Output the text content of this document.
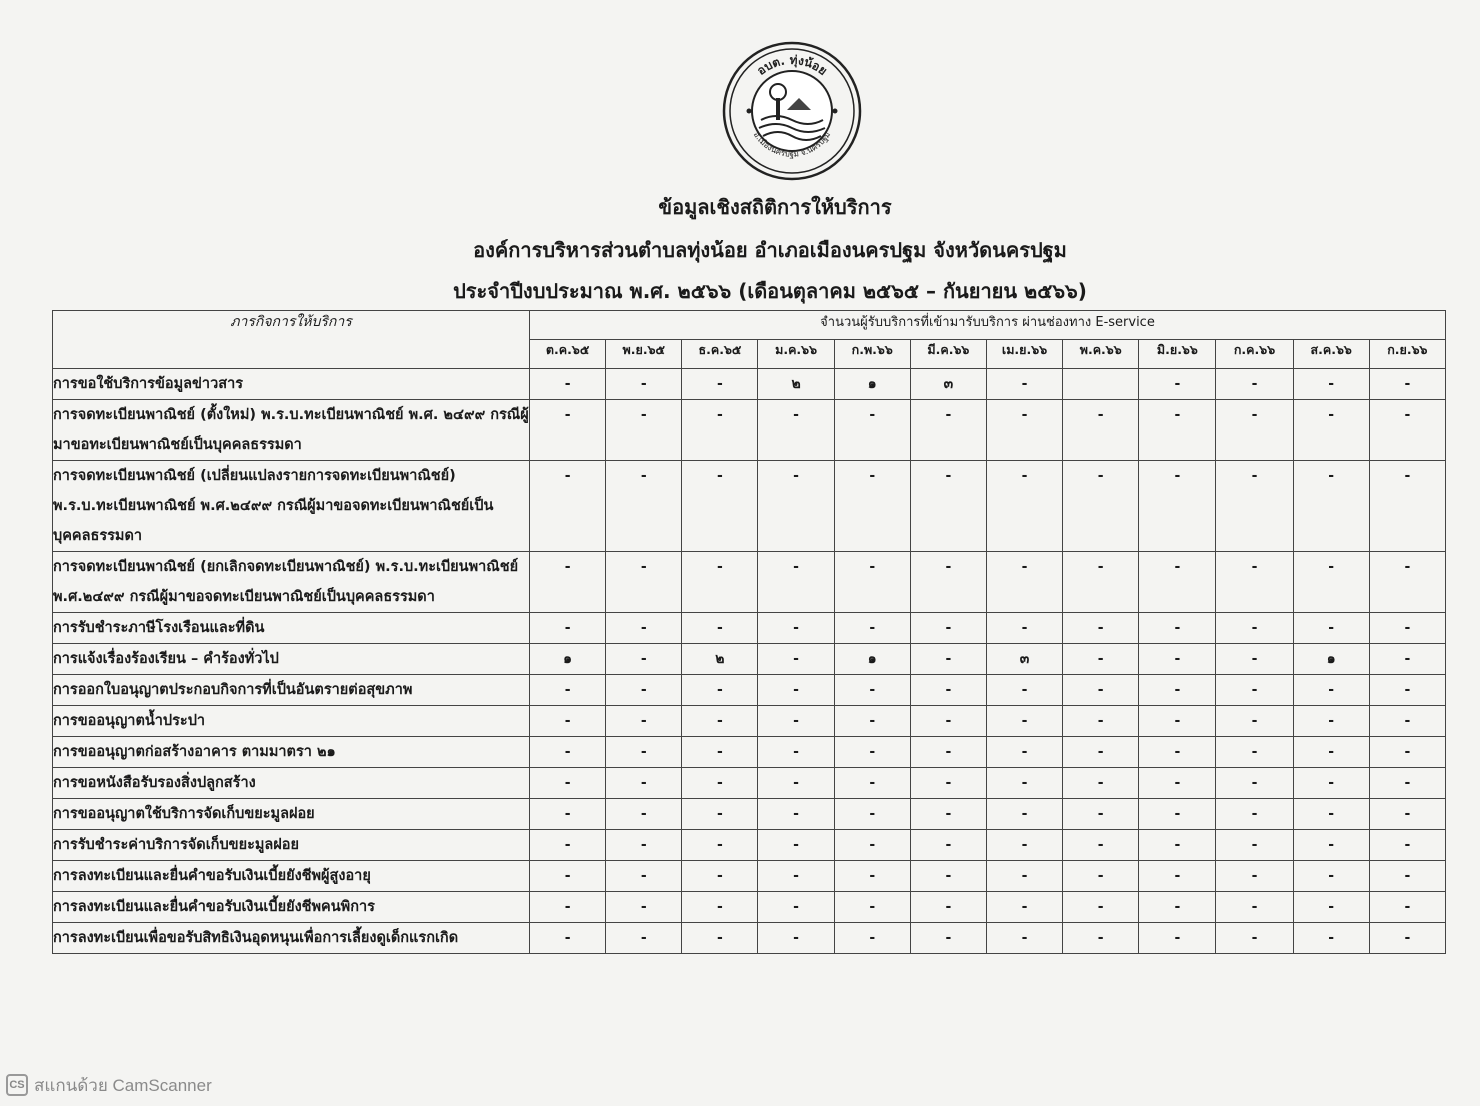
อบต. ทุ่งน้อย
อ.เมืองนครปฐม จ.นครปฐม
ข้อมูลเชิงสถิติการให้บริการ
องค์การบริหารส่วนตำบลทุ่งน้อย อำเภอเมืองนครปฐม จังหวัดนครปฐม
ประจำปีงบประมาณ พ.ศ. ๒๕๖๖ (เดือนตุลาคม ๒๕๖๕ – กันยายน ๒๕๖๖)
ภารกิจการให้บริการ	จำนวนผู้รับบริการที่เข้ามารับบริการ ผ่านช่องทาง E-service											
	ต.ค.๖๕	พ.ย.๖๕	ธ.ค.๖๕	ม.ค.๖๖	ก.พ.๖๖	มี.ค.๖๖	เม.ย.๖๖	พ.ค.๖๖	มิ.ย.๖๖	ก.ค.๖๖	ส.ค.๖๖	ก.ย.๖๖
การขอใช้บริการข้อมูลข่าวสาร	-	-	-	๒	๑	๓	-		-	-	-	-
การจดทะเบียนพาณิชย์ (ตั้งใหม่) พ.ร.บ.ทะเบียนพาณิชย์ พ.ศ. ๒๔๙๙ กรณีผู้มาขอทะเบียนพาณิชย์เป็นบุคคลธรรมดา	-	-	-	-	-	-	-	-	-	-	-	-
การจดทะเบียนพาณิชย์ (เปลี่ยนแปลงรายการจดทะเบียนพาณิชย์) พ.ร.บ.ทะเบียนพาณิชย์ พ.ศ.๒๔๙๙ กรณีผู้มาขอจดทะเบียนพาณิชย์เป็นบุคคลธรรมดา	-	-	-	-	-	-	-	-	-	-	-	-
การจดทะเบียนพาณิชย์ (ยกเลิกจดทะเบียนพาณิชย์) พ.ร.บ.ทะเบียนพาณิชย์ พ.ศ.๒๔๙๙ กรณีผู้มาขอจดทะเบียนพาณิชย์เป็นบุคคลธรรมดา	-	-	-	-	-	-	-	-	-	-	-	-
การรับชำระภาษีโรงเรือนและที่ดิน	-	-	-	-	-	-	-	-	-	-	-	-
การแจ้งเรื่องร้องเรียน – คำร้องทั่วไป	๑	-	๒	-	๑	-	๓	-	-	-	๑	-
การออกใบอนุญาตประกอบกิจการที่เป็นอันตรายต่อสุขภาพ	-	-	-	-	-	-	-	-	-	-	-	-
การขออนุญาตน้ำประปา	-	-	-	-	-	-	-	-	-	-	-	-
การขออนุญาตก่อสร้างอาคาร ตามมาตรา ๒๑	-	-	-	-	-	-	-	-	-	-	-	-
การขอหนังสือรับรองสิ่งปลูกสร้าง	-	-	-	-	-	-	-	-	-	-	-	-
การขออนุญาตใช้บริการจัดเก็บขยะมูลฝอย	-	-	-	-	-	-	-	-	-	-	-	-
การรับชำระค่าบริการจัดเก็บขยะมูลฝอย	-	-	-	-	-	-	-	-	-	-	-	-
การลงทะเบียนและยื่นคำขอรับเงินเบี้ยยังชีพผู้สูงอายุ	-	-	-	-	-	-	-	-	-	-	-	-
การลงทะเบียนและยื่นคำขอรับเงินเบี้ยยังชีพคนพิการ	-	-	-	-	-	-	-	-	-	-	-	-
การลงทะเบียนเพื่อขอรับสิทธิเงินอุดหนุนเพื่อการเลี้ยงดูเด็กแรกเกิด	-	-	-	-	-	-	-	-	-	-	-	-
CS สแกนด้วย CamScanner
